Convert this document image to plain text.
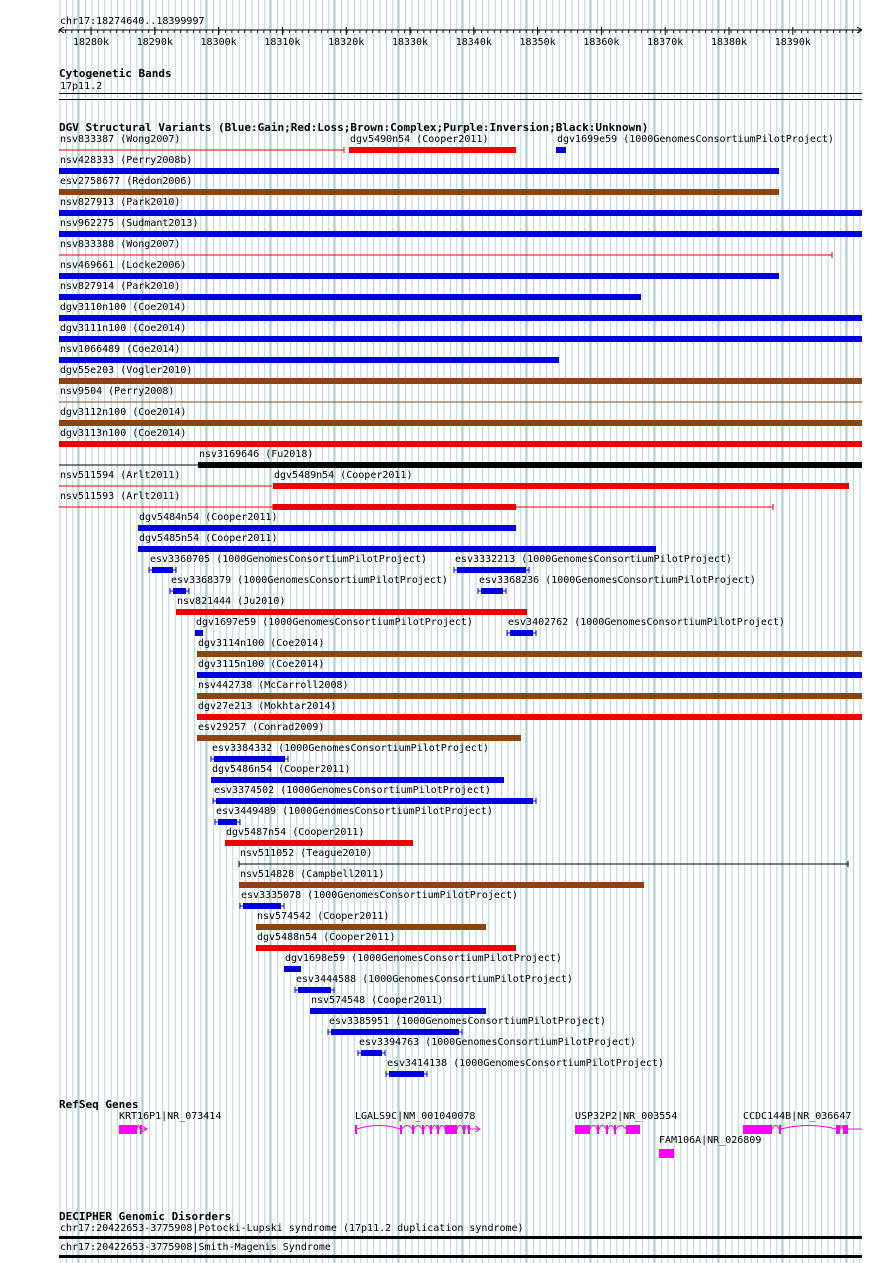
chr17:18274640..18399997
18280k	18290k	18300k	18310k	18320k	18330k	18340k	18350k	18360k	18370k	18380k	18390k
Cytogenetic Bands
17p11.2
DGV Structural Variants (Blue:Gain;Red:Loss;Brown:Complex;Purple:Inversion;Black:Unknown)
nsv833387 (Wong2007)	dgv5490n54 (Cooper2011)	dgv1699e59 (1000GenomesConsortiumPilotProject)
nsv428333 (Perry2008b)
esv2758677 (Redon2006)
nsv827913 (Park2010)
nsv962275 (Sudmant2013)
nsv833388 (Wong2007)
nsv469661 (Locke2006)
nsv827914 (Park2010)
dgv3110n100 (Coe2014)
dgv3111n100 (Coe2014)
nsv1066489 (Coe2014)
dgv55e203 (Vogler2010)
nsv9504 (Perry2008)
dgv3112n100 (Coe2014)
dgv3113n100 (Coe2014)
nsv3169646 (Fu2018)
nsv511594 (Arlt2011)	dgv5489n54 (Cooper2011)
nsv511593 (Arlt2011)
dgv5484n54 (Cooper2011)
dgv5485n54 (Cooper2011)
esv3360705 (1000GenomesConsortiumPilotProject)	esv3332213 (1000GenomesConsortiumPilotProject)
esv3368379 (1000GenomesConsortiumPilotProject)	esv3368236 (1000GenomesConsortiumPilotProject)
nsv821444 (Ju2010)
dgv1697e59 (1000GenomesConsortiumPilotProject)	esv3402762 (1000GenomesConsortiumPilotProject)
dgv3114n100 (Coe2014)
dgv3115n100 (Coe2014)
nsv442738 (McCarroll2008)
dgv27e213 (Mokhtar2014)
esv29257 (Conrad2009)
esv3384332 (1000GenomesConsortiumPilotProject)
dgv5486n54 (Cooper2011)
esv3374502 (1000GenomesConsortiumPilotProject)
esv3449489 (1000GenomesConsortiumPilotProject)
dgv5487n54 (Cooper2011)
nsv511052 (Teague2010)
nsv514828 (Campbell2011)
esv3335078 (1000GenomesConsortiumPilotProject)
nsv574542 (Cooper2011)
dgv5488n54 (Cooper2011)
dgv1698e59 (1000GenomesConsortiumPilotProject)
esv3444588 (1000GenomesConsortiumPilotProject)
nsv574548 (Cooper2011)
esv3385951 (1000GenomesConsortiumPilotProject)
esv3394763 (1000GenomesConsortiumPilotProject)
esv3414138 (1000GenomesConsortiumPilotProject)
RefSeq Genes
KRT16P1|NR_073414	LGALS9C|NM_001040078	USP32P2|NR_003554	CCDC144B|NR_036647
FAM106A|NR_026809
DECIPHER Genomic Disorders
chr17:20422653-3775908|Potocki-Lupski syndrome (17p11.2 duplication syndrome)
chr17:20422653-3775908|Smith-Magenis Syndrome
